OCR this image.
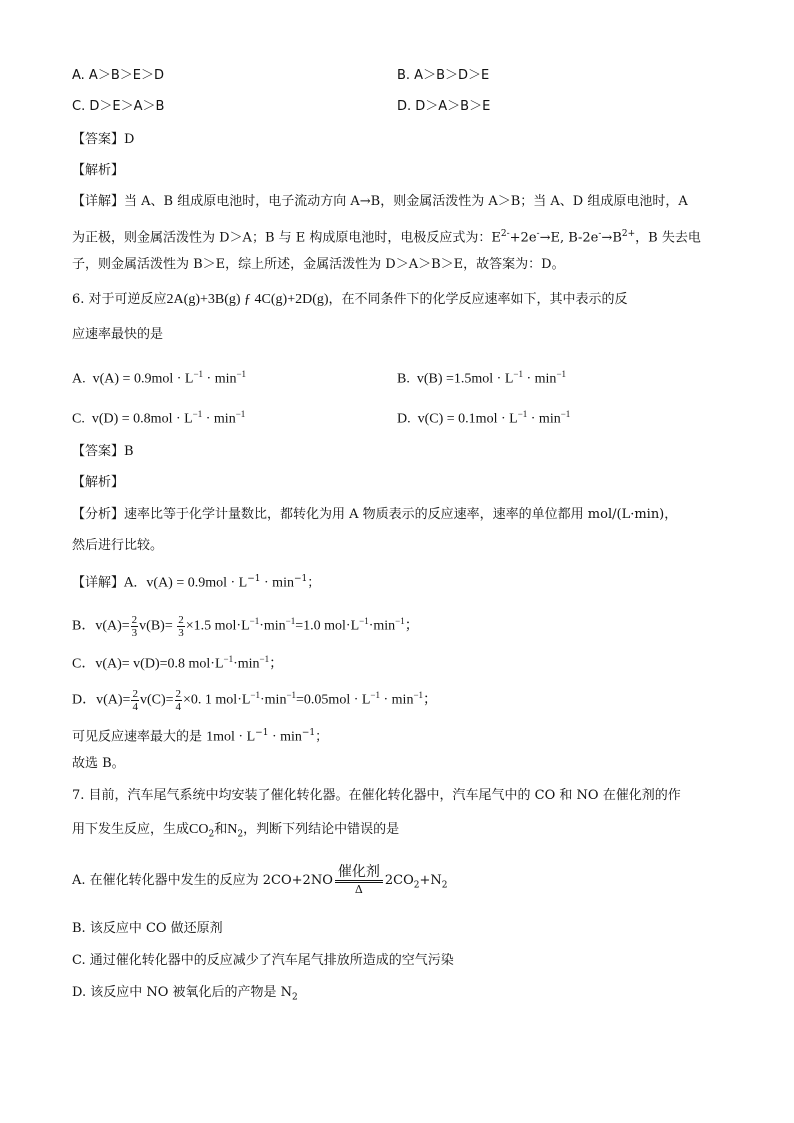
A. A＞B＞E＞D	B. A＞B＞D＞E
C. D＞E＞A＞B	D. D＞A＞B＞E
【答案】D
【解析】
【详解】当 A、B 组成原电池时，电子流动方向 A→B，则金属活泼性为 A＞B；当 A、D 组成原电池时，A
为正极，则金属活泼性为 D＞A；B 与 E 构成原电池时，电极反应式为：$E^{2-}+2e^-\to E$, $B-2e^-\to B^{2+}$，B 失去电
子，则金属活泼性为 B＞E，综上所述，金属活泼性为 D＞A＞B＞E，故答案为：D。
6. 对于可逆反应2A(g)+3B(g) ƒ 4C(g)+2D(g)，在不同条件下的化学反应速率如下，其中表示的反
应速率最快的是
A. $v(A) = 0.9mol \cdot L^{-1} \cdot \min^{-1}$	B. $v(B) =1.5mol \cdot L^{-1} \cdot \min^{-1}$
C. $v(D) = 0.8mol \cdot L^{-1} \cdot \min^{-1}$	D. $v(C) = 0.1mol \cdot L^{-1} \cdot \min^{-1}$
【答案】B
【解析】
【分析】速率比等于化学计量数比，都转化为用 A 物质表示的反应速率，速率的单位都用 mol/(L·min)，
然后进行比较。
【详解】A．$v(A) = 0.9mol \cdot L^{-1} \cdot \min^{-1}$；
B．$v(A)= \frac{2}{3} v(B)= \frac{2}{3} \times 1.5$ $mol\cdot L^{-1}\cdot\min^{-1}=1.0$ $mol\cdot L^{-1}\cdot\min^{-1}$；
C．v(A)= v(D)=0.8 $mol\cdot L^{-1}\cdot\min^{-1}$；
D．$v(A)= \frac{2}{4} v(C)= \frac{2}{4} \times 0$. 1 $mol\cdot L^{-1}\cdot\min^{-1}=0.05mol \cdot L^{-1} \cdot \min^{-1}$；
可见反应速率最大的是 $1mol \cdot L^{-1} \cdot \min^{-1}$；
故选 B。
7. 目前，汽车尾气系统中均安装了催化转化器。在催化转化器中，汽车尾气中的 CO 和 NO 在催化剂的作
用下发生反应，生成$CO_2$和$N_2$，判断下列结论中错误的是
A. 在催化转化器中发生的反应为 2CO+2NO
催化剂
Δ
$2CO_2+N_2$
B. 该反应中 CO 做还原剂
C. 通过催化转化器中的反应减少了汽车尾气排放所造成的空气污染
D. 该反应中 NO 被氧化后的产物是 $N_2$
